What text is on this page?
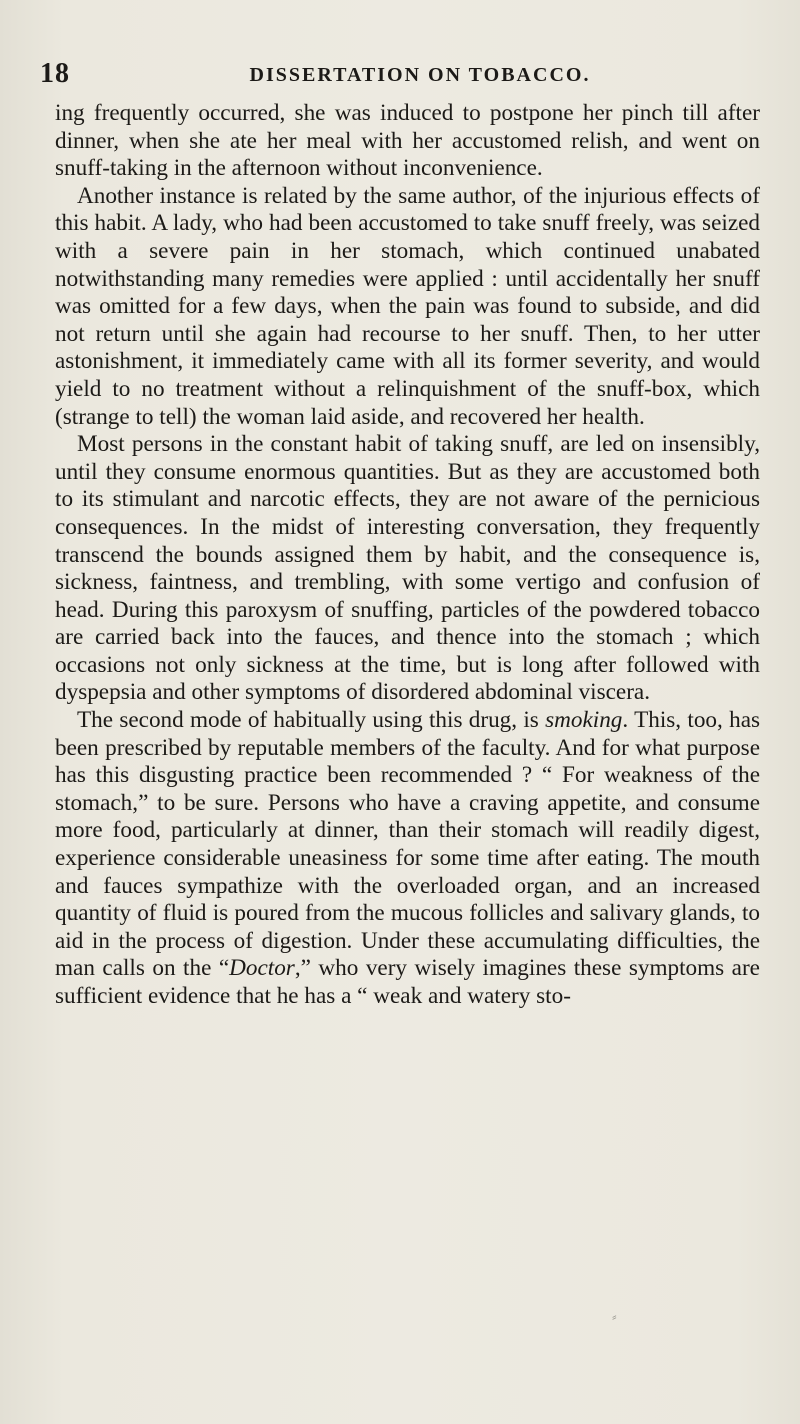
18	DISSERTATION ON TOBACCO.

ing frequently occurred, she was induced to postpone her pinch till after dinner, when she ate her meal with her accustomed relish, and went on snuff-taking in the afternoon without inconvenience.

Another instance is related by the same author, of the injurious effects of this habit. A lady, who had been accustomed to take snuff freely, was seized with a severe pain in her stomach, which continued unabated notwithstanding many remedies were applied : until accidentally her snuff was omitted for a few days, when the pain was found to subside, and did not return until she again had recourse to her snuff. Then, to her utter astonishment, it immediately came with all its former severity, and would yield to no treatment without a relinquishment of the snuff-box, which (strange to tell) the woman laid aside, and recovered her health.

Most persons in the constant habit of taking snuff, are led on insensibly, until they consume enormous quantities. But as they are accustomed both to its stimulant and narcotic effects, they are not aware of the pernicious consequences. In the midst of interesting conversation, they frequently transcend the bounds assigned them by habit, and the consequence is, sickness, faintness, and trembling, with some vertigo and confusion of head. During this paroxysm of snuffing, particles of the powdered tobacco are carried back into the fauces, and thence into the stomach ; which occasions not only sickness at the time, but is long after followed with dyspepsia and other symptoms of disordered abdominal viscera.

The second mode of habitually using this drug, is smoking. This, too, has been prescribed by reputable members of the faculty. And for what purpose has this disgusting practice been recommended ? “ For weakness of the stomach,” to be sure. Persons who have a craving appetite, and consume more food, particularly at dinner, than their stomach will readily digest, experience considerable uneasiness for some time after eating. The mouth and fauces sympathize with the overloaded organ, and an increased quantity of fluid is poured from the mucous follicles and salivary glands, to aid in the process of digestion. Under these accumulating difficulties, the man calls on the “Doctor,” who very wisely imagines these symptoms are sufficient evidence that he has a “ weak and watery sto-

⸗
